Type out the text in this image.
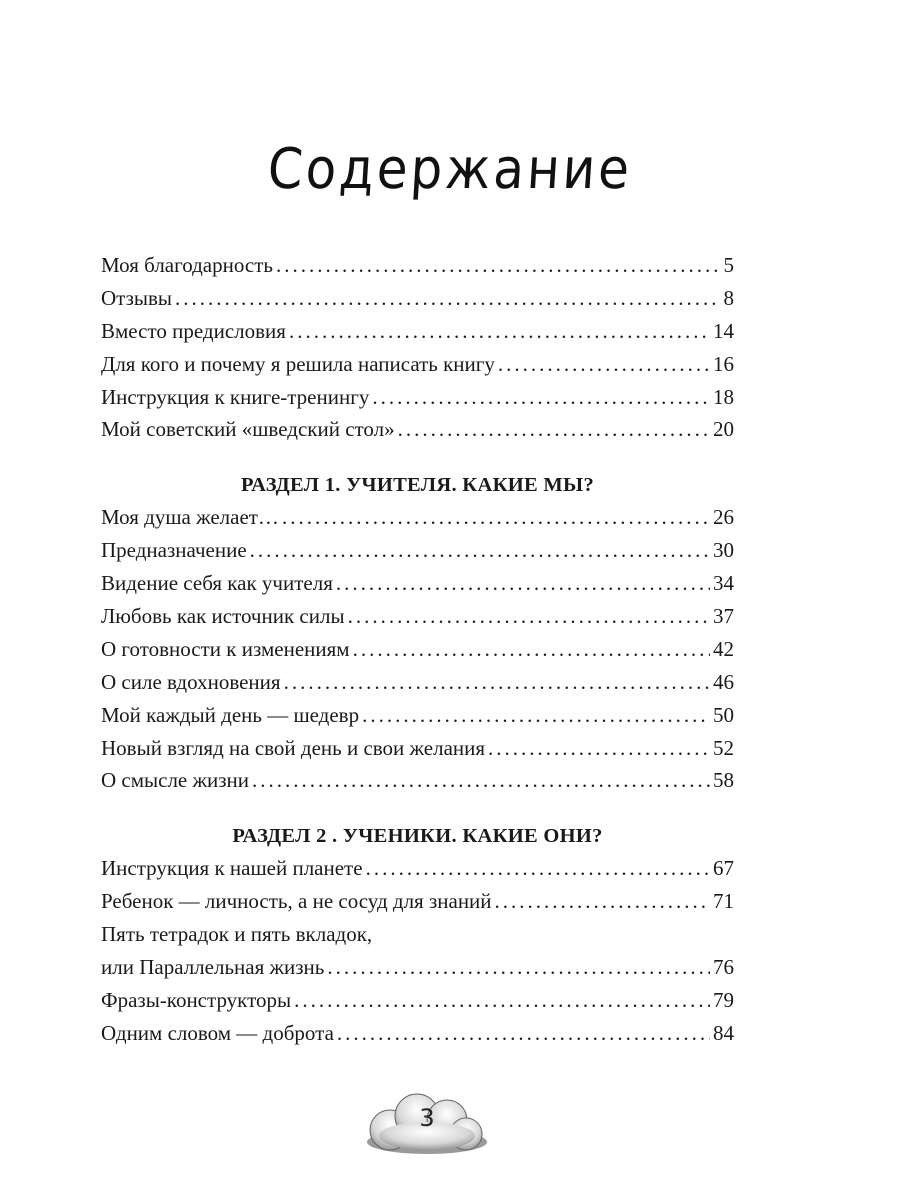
Содержание
Моя благодарность .....	5
Отзывы .....	8
Вместо предисловия .....	14
Для кого и почему я решила написать книгу .....	16
Инструкция к книге-тренингу .....	18
Мой советский «шведский стол» .....	20
РАЗДЕЛ 1. УЧИТЕЛЯ. КАКИЕ МЫ?
Моя душа желает… .....	26
Предназначение .....	30
Видение себя как учителя .....	34
Любовь как источник силы .....	37
О готовности к изменениям .....	42
О силе вдохновения .....	46
Мой каждый день — шедевр .....	50
Новый взгляд на свой день и свои желания .....	52
О смысле жизни .....	58
РАЗДЕЛ 2 . УЧЕНИКИ. КАКИЕ ОНИ?
Инструкция к нашей планете .....	67
Ребенок — личность, а не сосуд для знаний .....	71
Пять тетрадок и пять вкладок,
или Параллельная жизнь .....	76
Фразы-конструкторы .....	79
Одним словом — доброта .....	84
3
